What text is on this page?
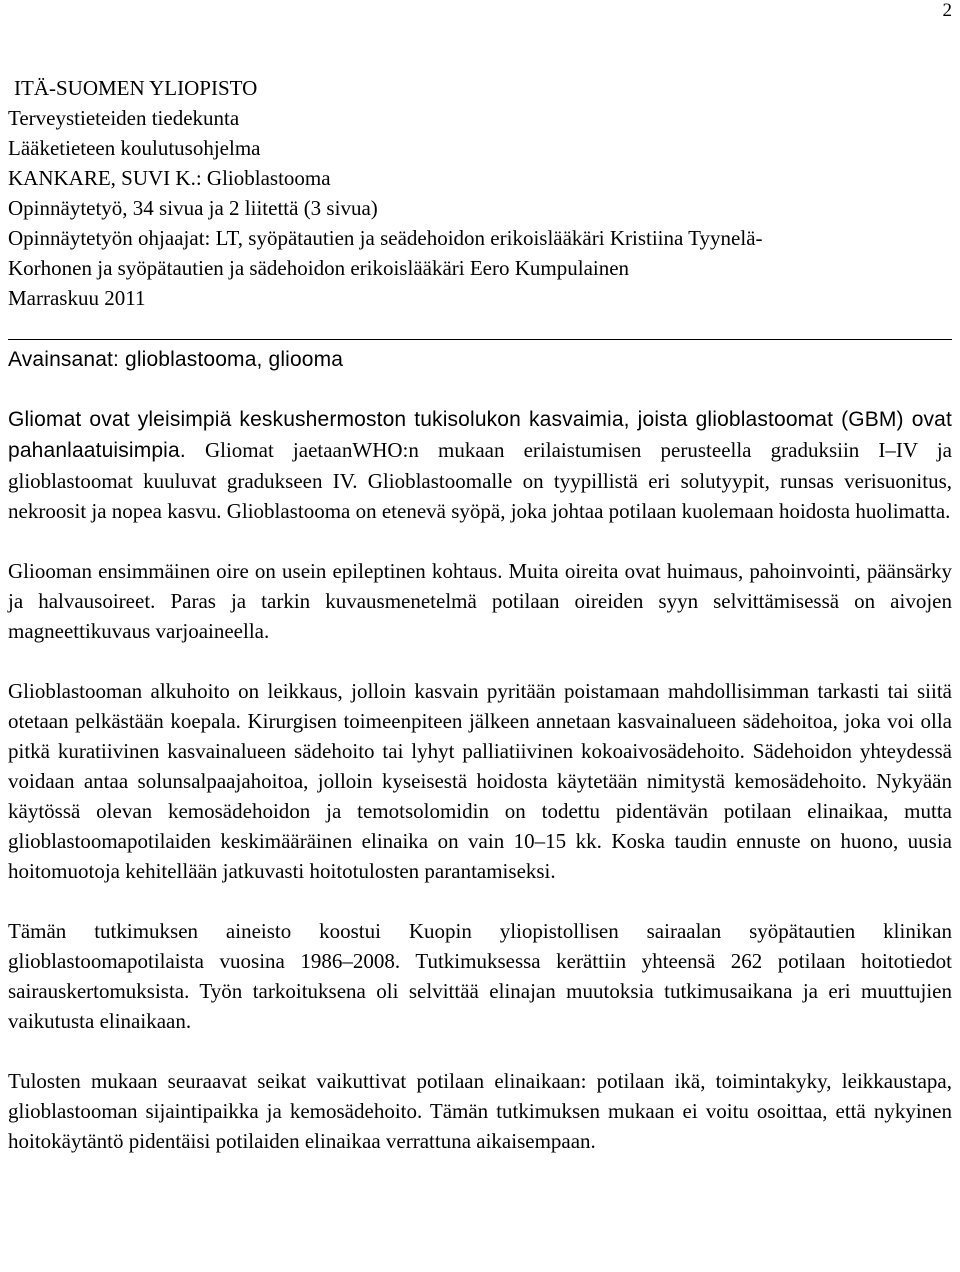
2
ITÄ-SUOMEN YLIOPISTO
Terveystieteiden tiedekunta
Lääketieteen koulutusohjelma
KANKARE, SUVI K.: Glioblastooma
Opinnäytetyö, 34 sivua ja 2 liitettä (3 sivua)
Opinnäytetyön ohjaajat: LT, syöpätautien ja seädehoidon erikoislääkäri Kristiina Tyynelä-
Korhonen ja syöpätautien ja sädehoidon erikoislääkäri Eero Kumpulainen
Marraskuu 2011
Avainsanat: glioblastooma, gliooma

Gliomat ovat yleisimpiä keskushermoston tukisolukon kasvaimia, joista glioblastoomat (GBM) ovat pahanlaatuisimpia. Gliomat jaetaanWHO:n mukaan erilaistumisen perusteella graduksiin I–IV ja glioblastoomat kuuluvat gradukseen IV. Glioblastoomalle on tyypillistä eri solutyypit, runsas verisuonitus, nekroosit ja nopea kasvu. Glioblastooma on etenevä syöpä, joka johtaa potilaan kuolemaan hoidosta huolimatta.

Gliooman ensimmäinen oire on usein epileptinen kohtaus. Muita oireita ovat huimaus, pahoinvointi, päänsärky ja halvausoireet. Paras ja tarkin kuvausmenetelmä potilaan oireiden syyn selvittämisessä on aivojen magneettikuvaus varjoaineella.

Glioblastooman alkuhoito on leikkaus, jolloin kasvain pyritään poistamaan mahdollisimman tarkasti tai siitä otetaan pelkästään koepala. Kirurgisen toimeenpiteen jälkeen annetaan kasvainalueen sädehoitoa, joka voi olla pitkä kuratiivinen kasvainalueen sädehoito tai lyhyt palliatiivinen kokoaivosädehoito. Sädehoidon yhteydessä voidaan antaa solunsalpaajahoitoa, jolloin kyseisestä hoidosta käytetään nimitystä kemosädehoito. Nykyään käytössä olevan kemosädehoidon ja temotsolomidin on todettu pidentävän potilaan elinaikaa, mutta glioblastoomapotilaiden keskimääräinen elinaika on vain 10–15 kk. Koska taudin ennuste on huono, uusia hoitomuotoja kehitellään jatkuvasti hoitotulosten parantamiseksi.

Tämän tutkimuksen aineisto koostui Kuopin yliopistollisen sairaalan syöpätautien klinikan glioblastoomapotilaista vuosina 1986–2008. Tutkimuksessa kerättiin yhteensä 262 potilaan hoitotiedot sairauskertomuksista. Työn tarkoituksena oli selvittää elinajan muutoksia tutkimusaikana ja eri muuttujien vaikutusta elinaikaan.

Tulosten mukaan seuraavat seikat vaikuttivat potilaan elinaikaan: potilaan ikä, toimintakyky, leikkaustapa, glioblastooman sijaintipaikka ja kemosädehoito. Tämän tutkimuksen mukaan ei voitu osoittaa, että nykyinen hoitokäytäntö pidentäisi potilaiden elinaikaa verrattuna aikaisempaan.
